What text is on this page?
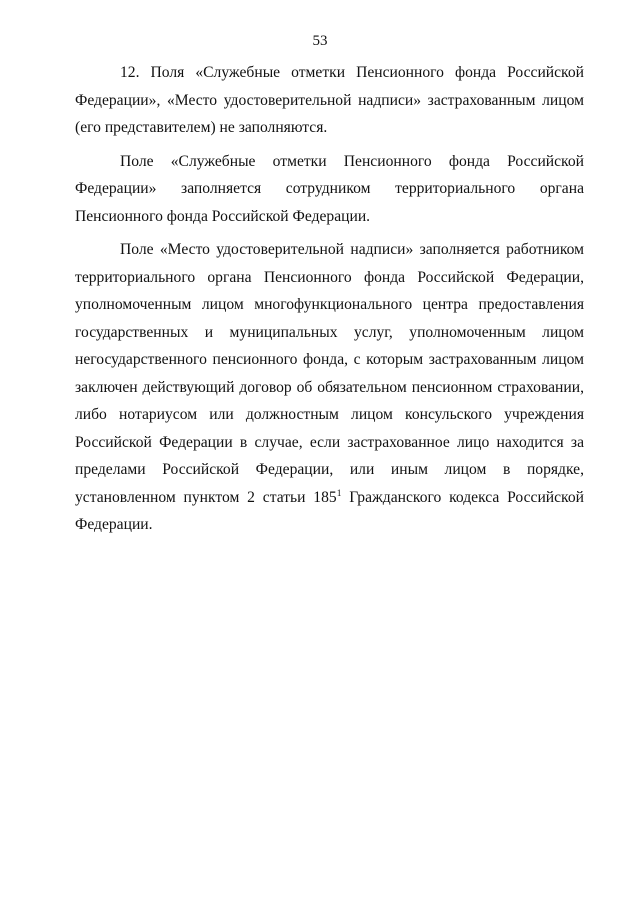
53

12. Поля «Служебные отметки Пенсионного фонда Российской Федерации», «Место удостоверительной надписи» застрахованным лицом (его представителем) не заполняются.

Поле «Служебные отметки Пенсионного фонда Российской Федерации» заполняется сотрудником территориального органа Пенсионного фонда Российской Федерации.

Поле «Место удостоверительной надписи» заполняется работником территориального органа Пенсионного фонда Российской Федерации, уполномоченным лицом многофункционального центра предоставления государственных и муниципальных услуг, уполномоченным лицом негосударственного пенсионного фонда, с которым застрахованным лицом заключен действующий договор об обязательном пенсионном страховании, либо нотариусом или должностным лицом консульского учреждения Российской Федерации в случае, если застрахованное лицо находится за пределами Российской Федерации, или иным лицом в порядке, установленном пунктом 2 статьи $185^1$ Гражданского кодекса Российской Федерации.
